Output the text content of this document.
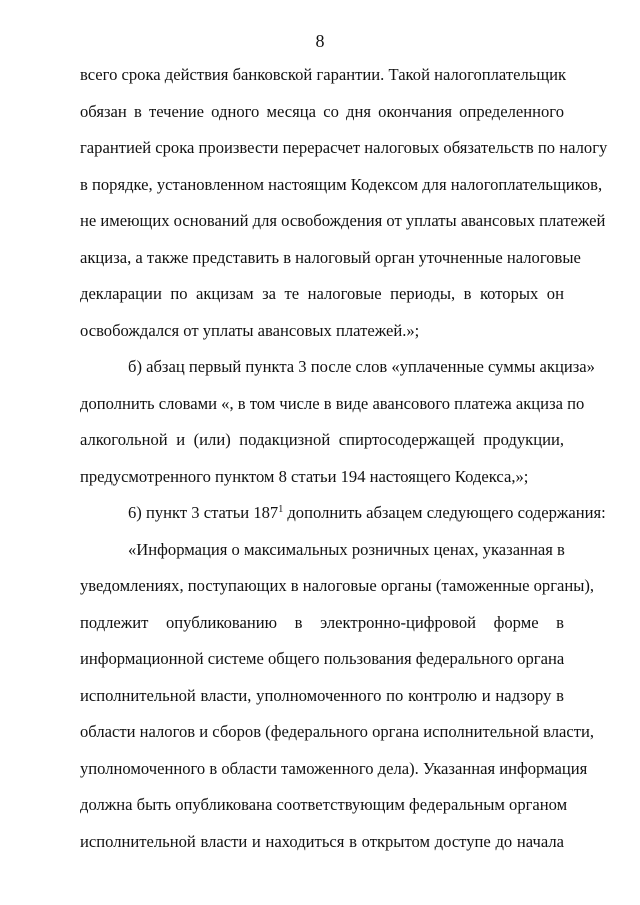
8
всего срока действия банковской гарантии. Такой налогоплательщик
обязан в течение одного месяца со дня окончания определенного
гарантией срока произвести перерасчет налоговых обязательств по налогу
в порядке, установленном настоящим Кодексом для налогоплательщиков,
не имеющих оснований для освобождения от уплаты авансовых платежей
акциза, а также представить в налоговый орган уточненные налоговые
декларации по акцизам за те налоговые периоды, в которых он
освобождался от уплаты авансовых платежей.»;
б) абзац первый пункта 3 после слов «уплаченные суммы акциза»
дополнить словами «, в том числе в виде авансового платежа акциза по
алкогольной и (или) подакцизной спиртосодержащей продукции,
предусмотренного пунктом 8 статьи 194 настоящего Кодекса,»;
6) пункт 3 статьи $187^1$ дополнить абзацем следующего содержания:
«Информация о максимальных розничных ценах, указанная в
уведомлениях, поступающих в налоговые органы (таможенные органы),
подлежит опубликованию в электронно-цифровой форме в
информационной системе общего пользования федерального органа
исполнительной власти, уполномоченного по контролю и надзору в
области налогов и сборов (федерального органа исполнительной власти,
уполномоченного в области таможенного дела). Указанная информация
должна быть опубликована соответствующим федеральным органом
исполнительной власти и находиться в открытом доступе до начала
